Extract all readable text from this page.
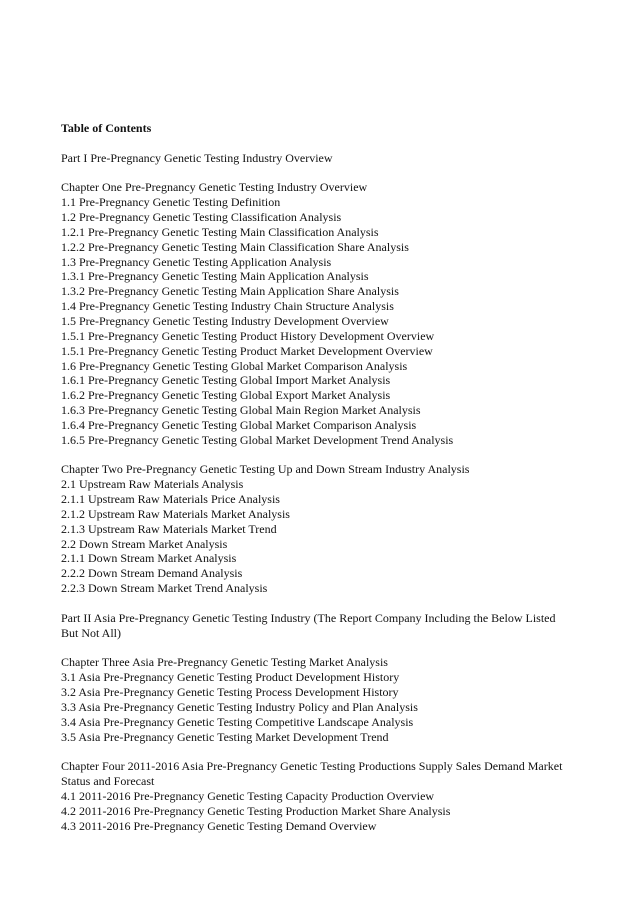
Table of Contents
Part I Pre-Pregnancy Genetic Testing Industry Overview
Chapter One Pre-Pregnancy Genetic Testing Industry Overview
1.1 Pre-Pregnancy Genetic Testing Definition
1.2 Pre-Pregnancy Genetic Testing Classification Analysis
1.2.1 Pre-Pregnancy Genetic Testing Main Classification Analysis
1.2.2 Pre-Pregnancy Genetic Testing Main Classification Share Analysis
1.3 Pre-Pregnancy Genetic Testing Application Analysis
1.3.1 Pre-Pregnancy Genetic Testing Main Application Analysis
1.3.2 Pre-Pregnancy Genetic Testing Main Application Share Analysis
1.4 Pre-Pregnancy Genetic Testing Industry Chain Structure Analysis
1.5 Pre-Pregnancy Genetic Testing Industry Development Overview
1.5.1 Pre-Pregnancy Genetic Testing Product History Development Overview
1.5.1 Pre-Pregnancy Genetic Testing Product Market Development Overview
1.6 Pre-Pregnancy Genetic Testing Global Market Comparison Analysis
1.6.1 Pre-Pregnancy Genetic Testing Global Import Market Analysis
1.6.2 Pre-Pregnancy Genetic Testing Global Export Market Analysis
1.6.3 Pre-Pregnancy Genetic Testing Global Main Region Market Analysis
1.6.4 Pre-Pregnancy Genetic Testing Global Market Comparison Analysis
1.6.5 Pre-Pregnancy Genetic Testing Global Market Development Trend Analysis
Chapter Two Pre-Pregnancy Genetic Testing Up and Down Stream Industry Analysis
2.1 Upstream Raw Materials Analysis
2.1.1 Upstream Raw Materials Price Analysis
2.1.2 Upstream Raw Materials Market Analysis
2.1.3 Upstream Raw Materials Market Trend
2.2 Down Stream Market Analysis
2.1.1 Down Stream Market Analysis
2.2.2 Down Stream Demand Analysis
2.2.3 Down Stream Market Trend Analysis
Part II Asia Pre-Pregnancy Genetic Testing Industry (The Report Company Including the Below Listed But Not All)
Chapter Three Asia Pre-Pregnancy Genetic Testing Market Analysis
3.1 Asia Pre-Pregnancy Genetic Testing Product Development History
3.2 Asia Pre-Pregnancy Genetic Testing Process Development History
3.3 Asia Pre-Pregnancy Genetic Testing Industry Policy and Plan Analysis
3.4 Asia Pre-Pregnancy Genetic Testing Competitive Landscape Analysis
3.5 Asia Pre-Pregnancy Genetic Testing Market Development Trend
Chapter Four 2011-2016 Asia Pre-Pregnancy Genetic Testing Productions Supply Sales Demand Market Status and Forecast
4.1 2011-2016 Pre-Pregnancy Genetic Testing Capacity Production Overview
4.2 2011-2016 Pre-Pregnancy Genetic Testing Production Market Share Analysis
4.3 2011-2016 Pre-Pregnancy Genetic Testing Demand Overview
